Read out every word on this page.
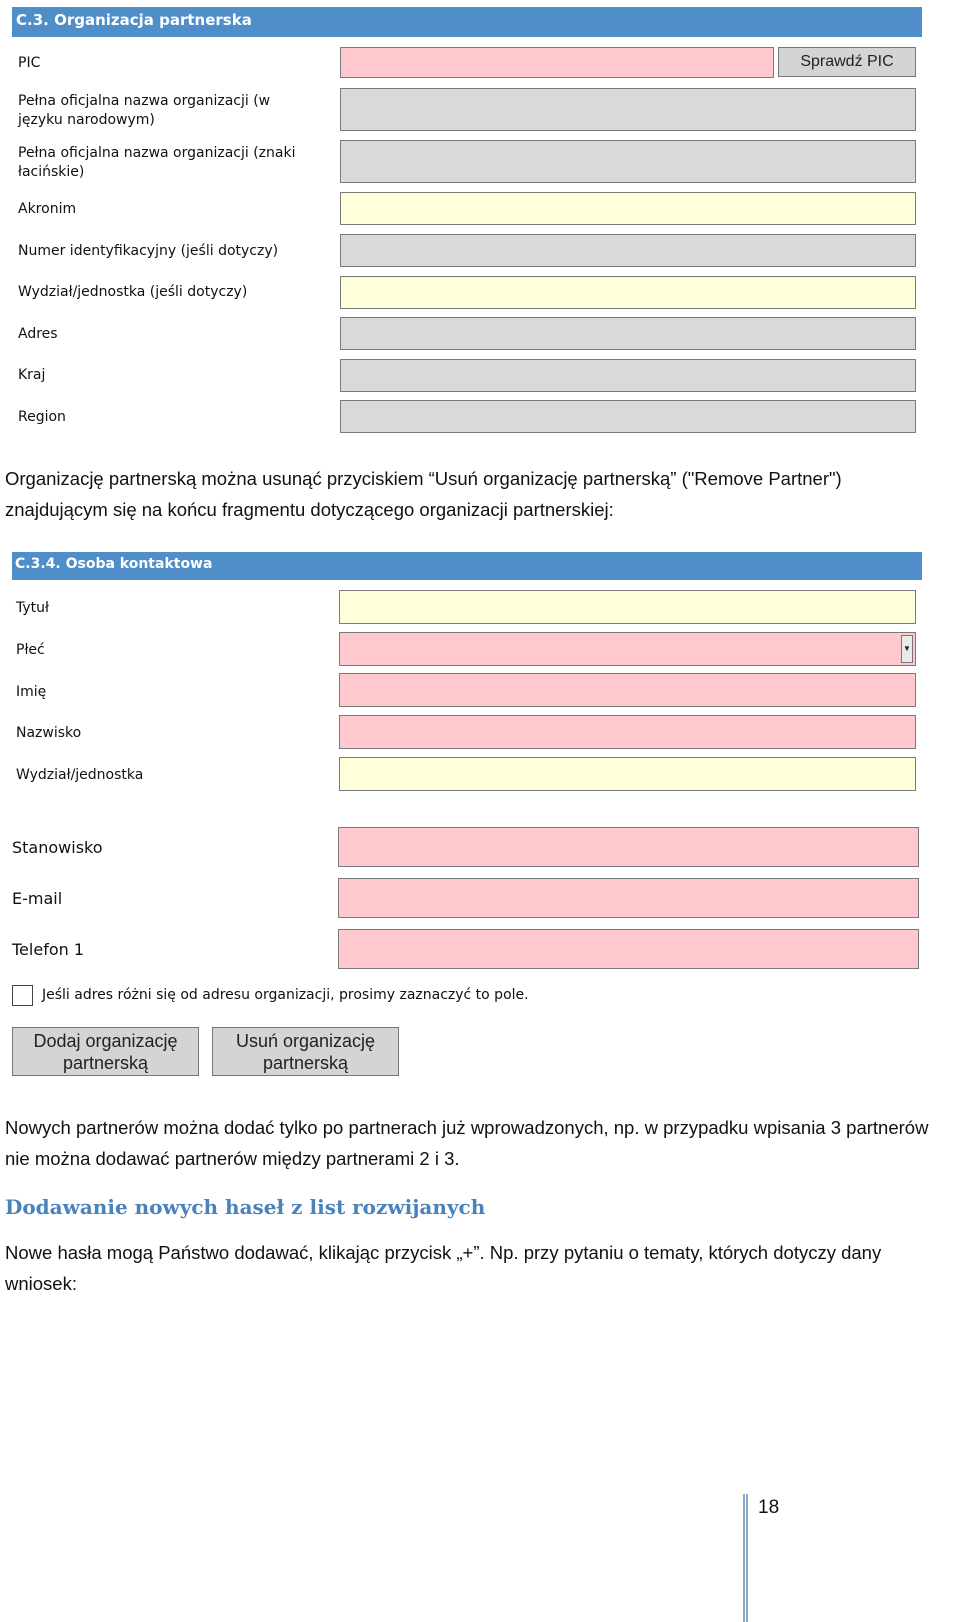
C.3. Organizacja partnerska
PIC	Sprawdź PIC
Pełna oficjalna nazwa organizacji (w języku narodowym)
Pełna oficjalna nazwa organizacji (znaki łacińskie)
Akronim
Numer identyfikacyjny (jeśli dotyczy)
Wydział/jednostka (jeśli dotyczy)
Adres
Kraj
Region
Organizację partnerską można usunąć przyciskiem “Usuń organizację partnerską” ("Remove Partner") znajdującym się na końcu fragmentu dotyczącego organizacji partnerskiej:
C.3.4. Osoba kontaktowa
Tytuł
Płeć	▼
Imię
Nazwisko
Wydział/jednostka
Stanowisko
E-mail
Telefon 1
Jeśli adres różni się od adresu organizacji, prosimy zaznaczyć to pole.
Dodaj organizację
partnerską
Usuń organizację
partnerską
Nowych partnerów można dodać tylko po partnerach już wprowadzonych, np. w przypadku wpisania 3 partnerów nie można dodawać partnerów między partnerami 2 i 3.
Dodawanie nowych haseł z list rozwijanych
Nowe hasła mogą Państwo dodawać, klikając przycisk „+”. Np. przy pytaniu o tematy, których dotyczy dany wniosek:
18
